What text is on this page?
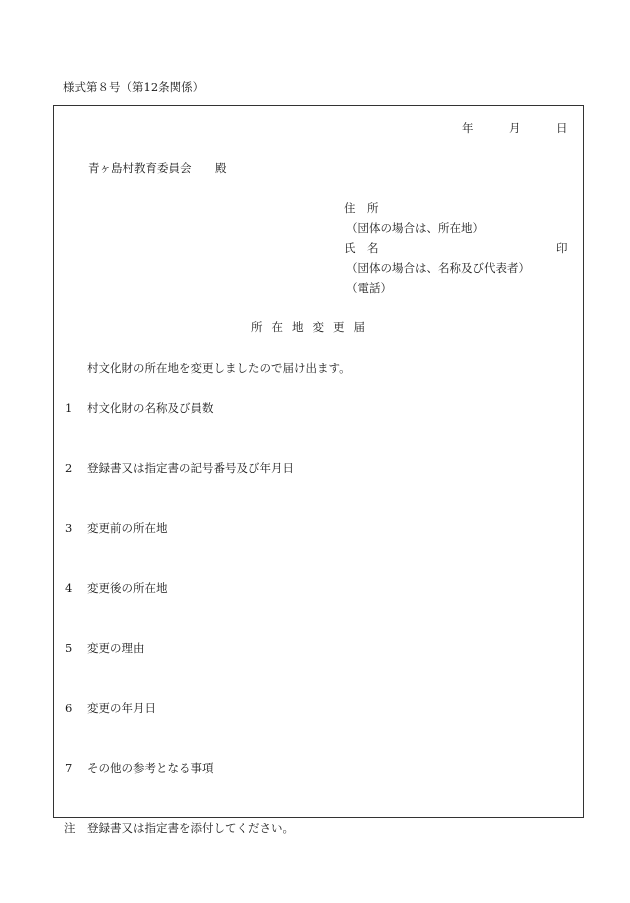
様式第８号（第12条関係）
年	月	日
青ヶ島村教育委員会 殿
住　所
（団体の場合は、所在地）
氏　名	印
（団体の場合は、名称及び代表者）
（電話）
所在地変更届
村文化財の所在地を変更しましたので届け出ます。
1 村文化財の名称及び員数
2 登録書又は指定書の記号番号及び年月日
3 変更前の所在地
4 変更後の所在地
5 変更の理由
6 変更の年月日
7 その他の参考となる事項
注 登録書又は指定書を添付してください。
